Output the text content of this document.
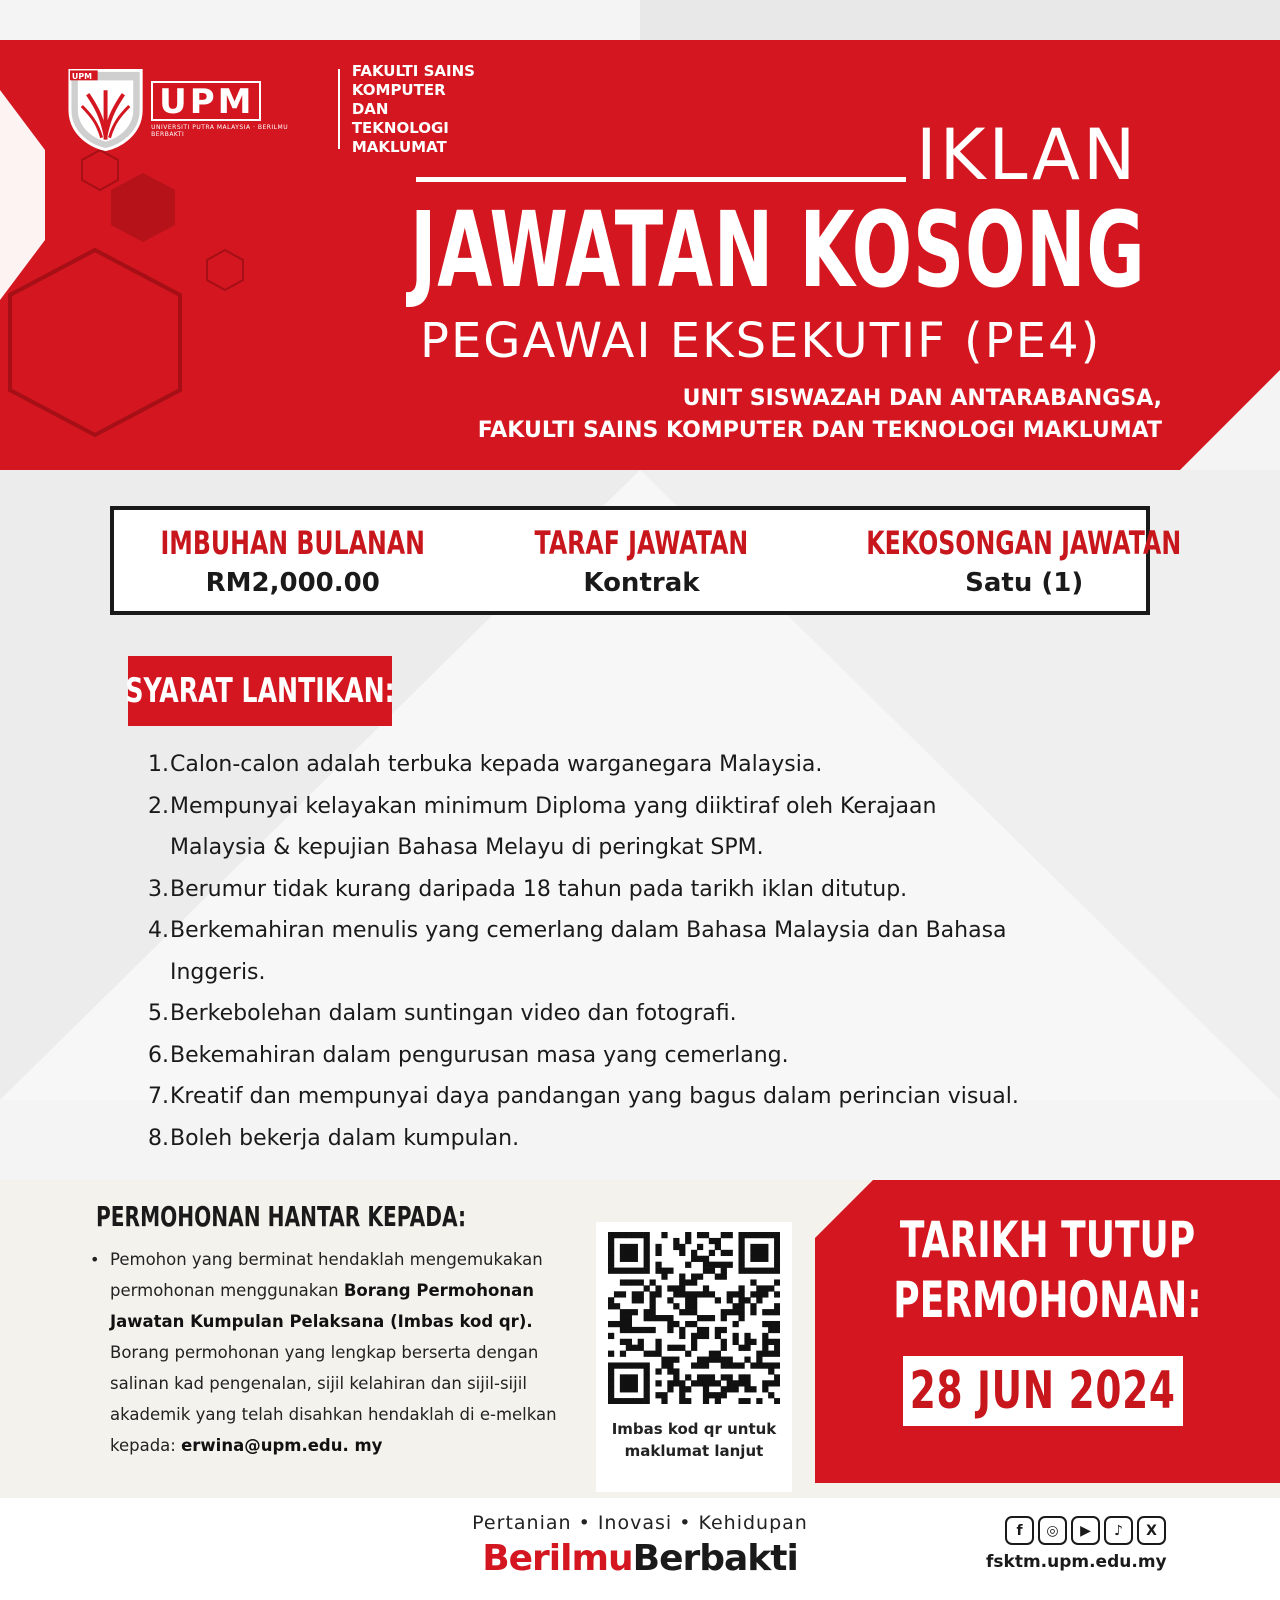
UPM
UPM
UNIVERSITI PUTRA MALAYSIA · BERILMU BERBAKTI
FAKULTI SAINS
KOMPUTER DAN
TEKNOLOGI
MAKLUMAT	IKLAN
JAWATAN KOSONG
PEGAWAI EKSEKUTIF (PE4)
UNIT SISWAZAH DAN ANTARABANGSA,
FAKULTI SAINS KOMPUTER DAN TEKNOLOGI MAKLUMAT
IMBUHAN BULANAN
RM2,000.00
TARAF JAWATAN
Kontrak
KEKOSONGAN JAWATAN
Satu (1)
SYARAT LANTIKAN:
1. Calon-calon adalah terbuka kepada warganegara Malaysia.
2. Mempunyai kelayakan minimum Diploma yang diiktiraf oleh Kerajaan Malaysia & kepujian Bahasa Melayu di peringkat SPM.
3. Berumur tidak kurang daripada 18 tahun pada tarikh iklan ditutup.
4. Berkemahiran menulis yang cemerlang dalam Bahasa Malaysia dan Bahasa Inggeris.
5. Berkebolehan dalam suntingan video dan fotografi.
6. Bekemahiran dalam pengurusan masa yang cemerlang.
7. Kreatif dan mempunyai daya pandangan yang bagus dalam perincian visual.
8. Boleh bekerja dalam kumpulan.
PERMOHONAN HANTAR KEPADA:
• Pemohon yang berminat hendaklah mengemukakan permohonan menggunakan Borang Permohonan Jawatan Kumpulan Pelaksana (Imbas kod qr). Borang permohonan yang lengkap berserta dengan salinan kad pengenalan, sijil kelahiran dan sijil-sijil akademik yang telah disahkan hendaklah di e-melkan kepada: erwina@upm.edu. my
Imbas kod qr untuk maklumat lanjut
TARIKH TUTUP
PERMOHONAN:
28 JUN 2024
Pertanian • Inovasi • Kehidupan
BerilmuBerbakti
f	◎	▶	♪	X
fsktm.upm.edu.my
